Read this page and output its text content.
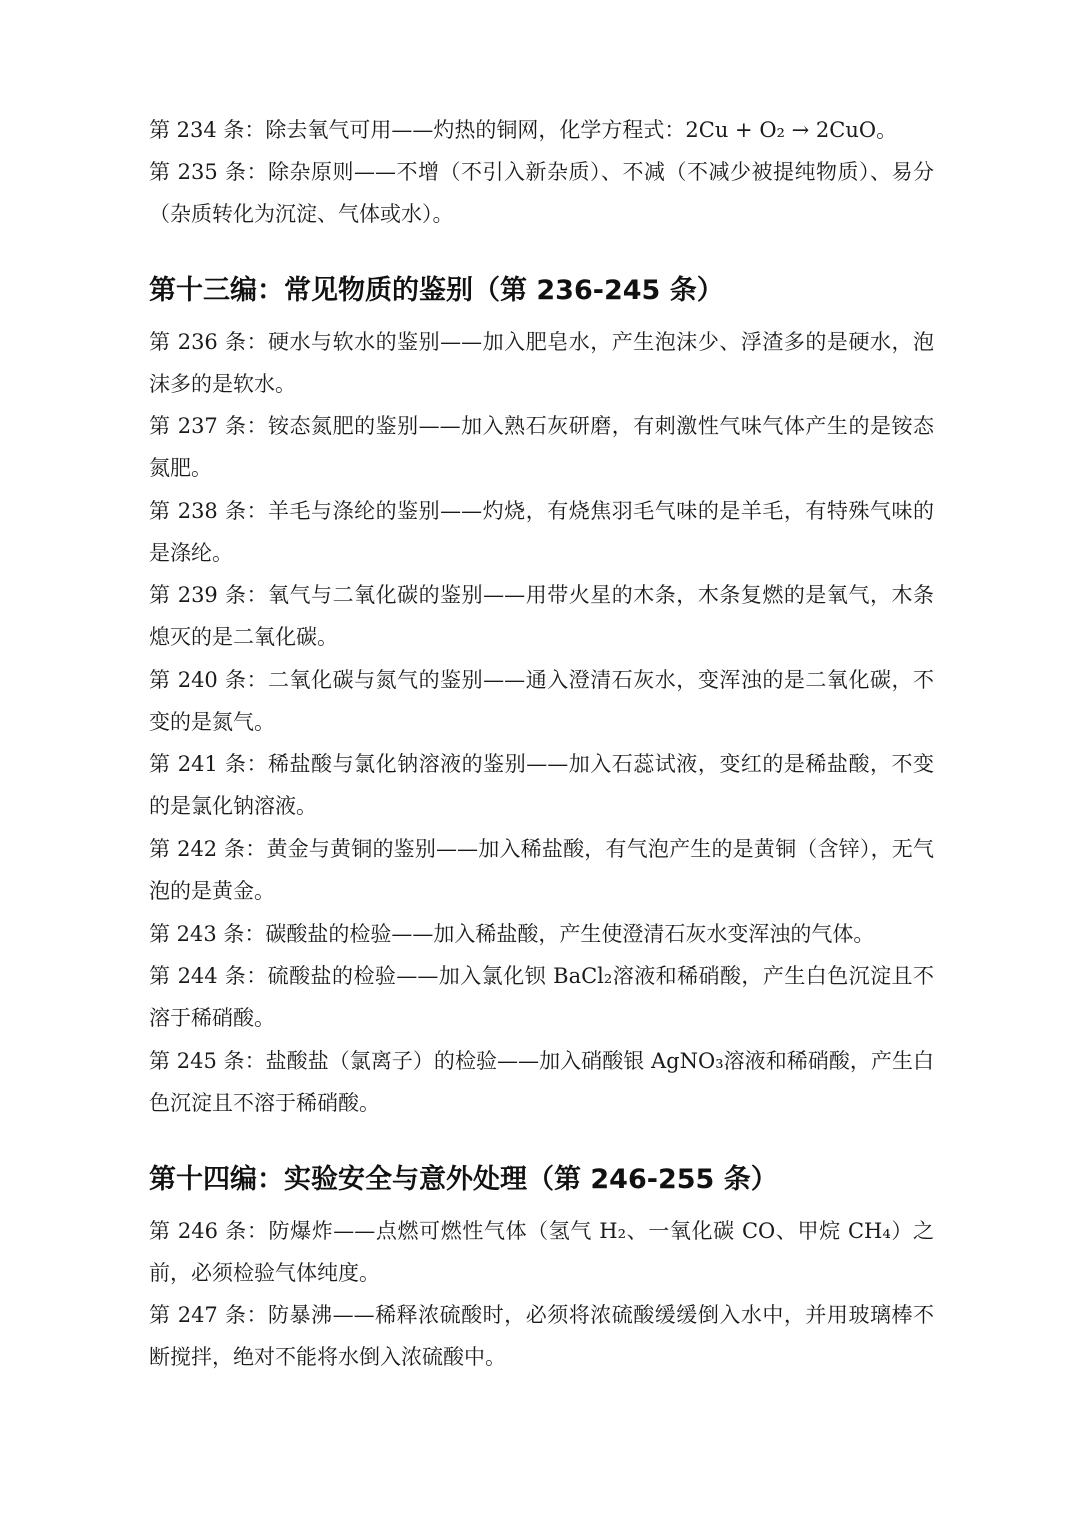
第 234 条：除去氧气可用——灼热的铜网，化学方程式：2Cu + O₂ → 2CuO。

第 235 条：除杂原则——不增（不引入新杂质）、不减（不减少被提纯物质）、易分（杂质转化为沉淀、气体或水）。

第十三编：常见物质的鉴别（第 236-245 条）

第 236 条：硬水与软水的鉴别——加入肥皂水，产生泡沫少、浮渣多的是硬水，泡沫多的是软水。

第 237 条：铵态氮肥的鉴别——加入熟石灰研磨，有刺激性气味气体产生的是铵态氮肥。

第 238 条：羊毛与涤纶的鉴别——灼烧，有烧焦羽毛气味的是羊毛，有特殊气味的是涤纶。

第 239 条：氧气与二氧化碳的鉴别——用带火星的木条，木条复燃的是氧气，木条熄灭的是二氧化碳。

第 240 条：二氧化碳与氮气的鉴别——通入澄清石灰水，变浑浊的是二氧化碳，不变的是氮气。

第 241 条：稀盐酸与氯化钠溶液的鉴别——加入石蕊试液，变红的是稀盐酸，不变的是氯化钠溶液。

第 242 条：黄金与黄铜的鉴别——加入稀盐酸，有气泡产生的是黄铜（含锌），无气泡的是黄金。

第 243 条：碳酸盐的检验——加入稀盐酸，产生使澄清石灰水变浑浊的气体。

第 244 条：硫酸盐的检验——加入氯化钡 BaCl₂溶液和稀硝酸，产生白色沉淀且不溶于稀硝酸。

第 245 条：盐酸盐（氯离子）的检验——加入硝酸银 AgNO₃溶液和稀硝酸，产生白色沉淀且不溶于稀硝酸。

第十四编：实验安全与意外处理（第 246-255 条）

第 246 条：防爆炸——点燃可燃性气体（氢气 H₂、一氧化碳 CO、甲烷 CH₄）之前，必须检验气体纯度。

第 247 条：防暴沸——稀释浓硫酸时，必须将浓硫酸缓缓倒入水中，并用玻璃棒不断搅拌，绝对不能将水倒入浓硫酸中。
